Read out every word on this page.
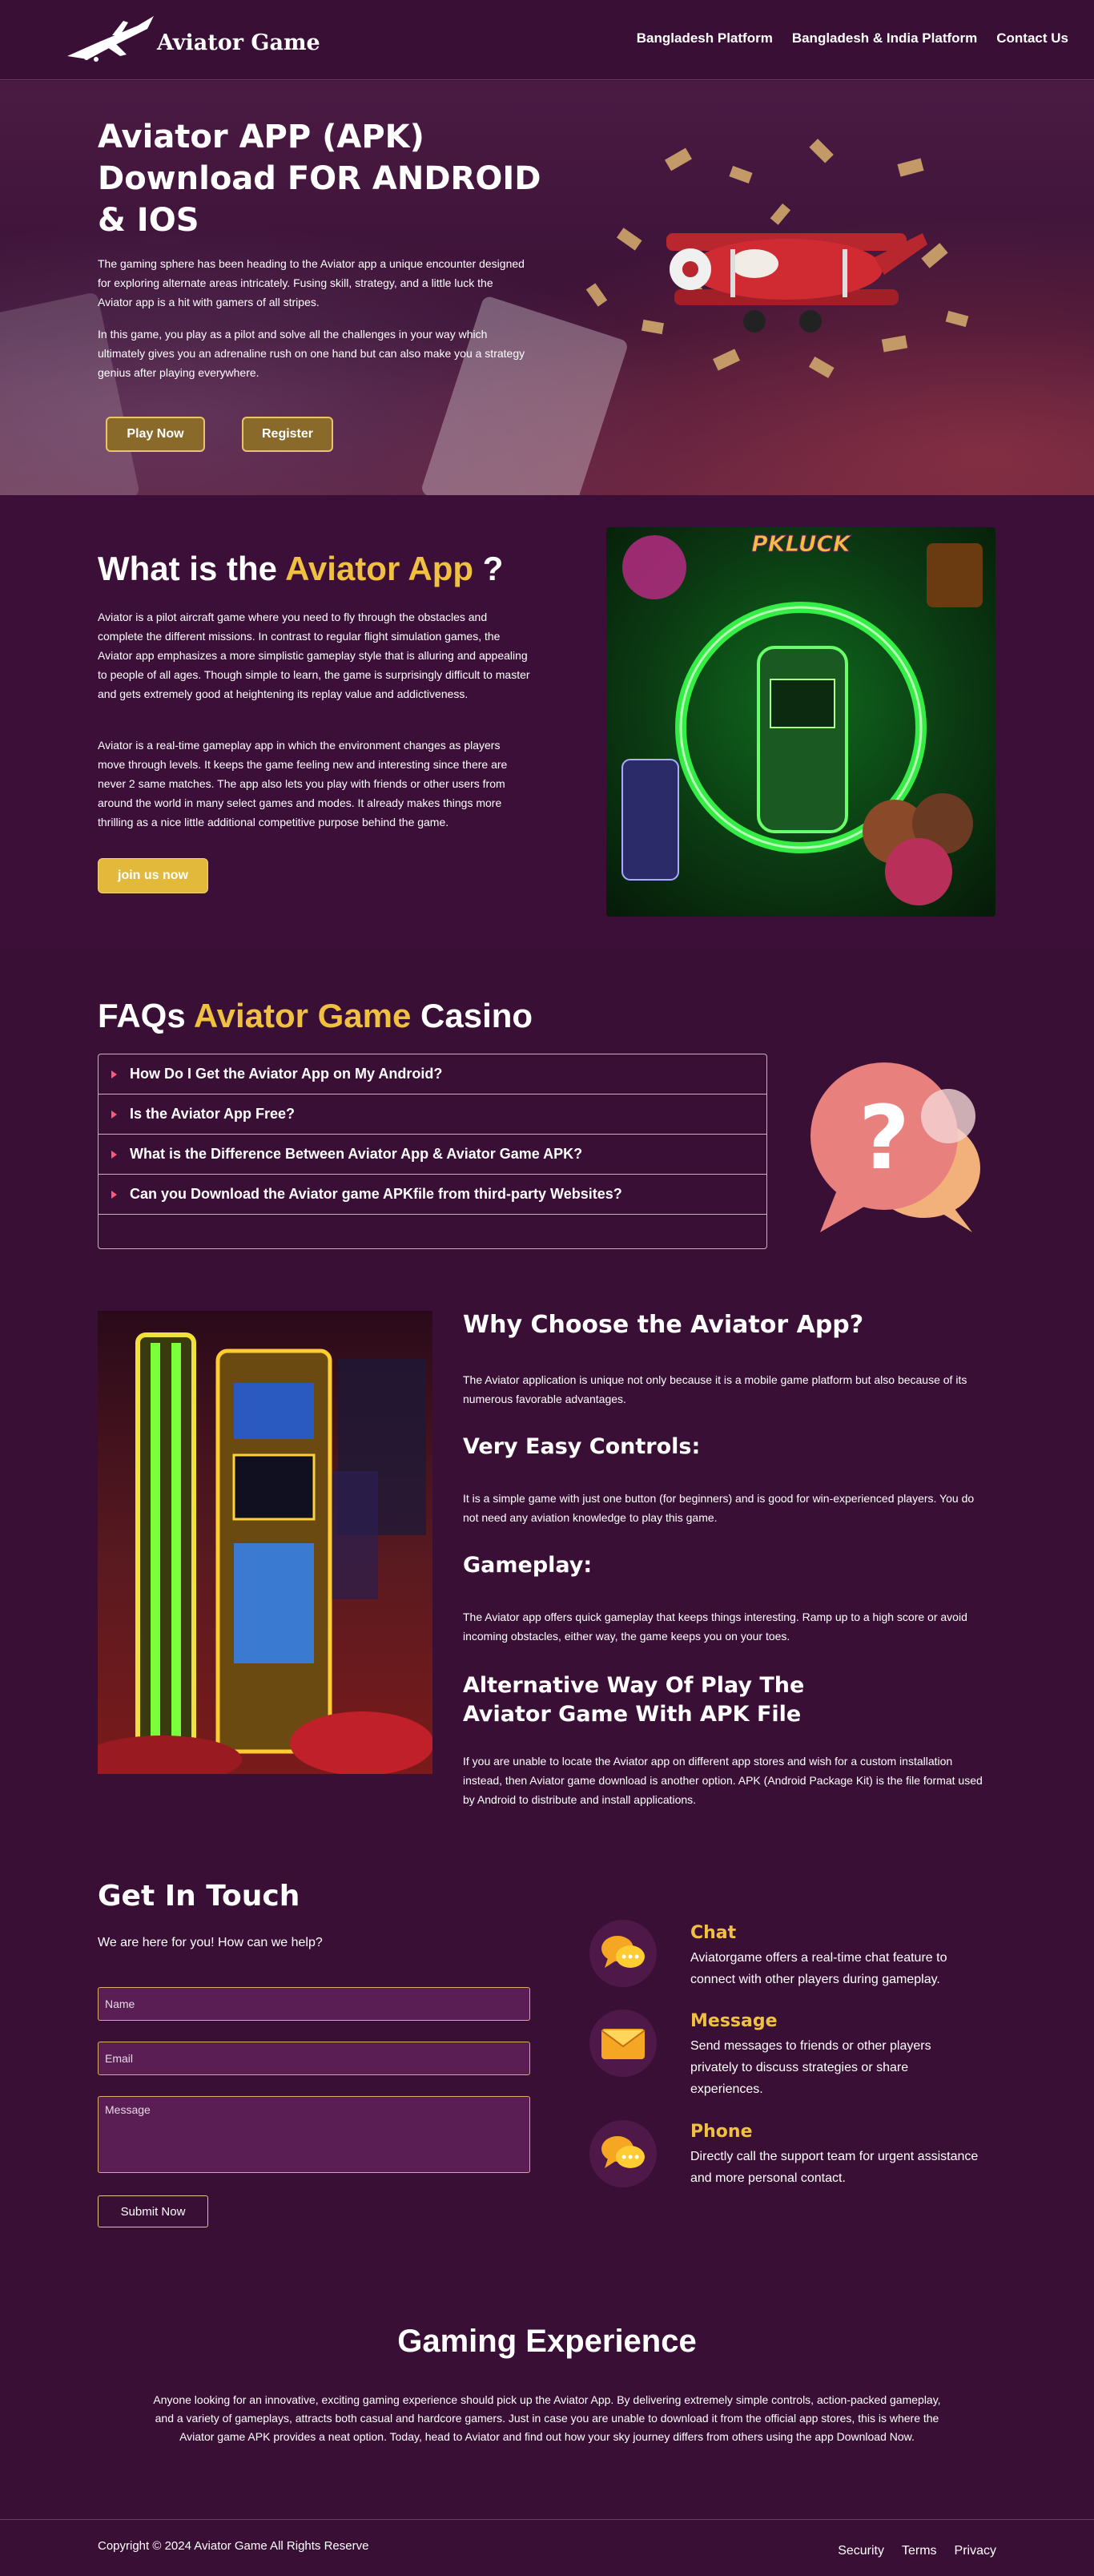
Aviator Game	Bangladesh Platform Bangladesh & India Platform Contact Us
Aviator APP (APK) Download FOR ANDROID & IOS

The gaming sphere has been heading to the Aviator app a unique encounter designed for exploring alternate areas intricately. Fusing skill, strategy, and a little luck the Aviator app is a hit with gamers of all stripes.

In this game, you play as a pilot and solve all the challenges in your way which ultimately gives you an adrenaline rush on one hand but can also make you a strategy genius after playing everywhere.

Play Now	Register
What is the Aviator App ?

Aviator is a pilot aircraft game where you need to fly through the obstacles and complete the different missions. In contrast to regular flight simulation games, the Aviator app emphasizes a more simplistic gameplay style that is alluring and appealing to people of all ages. Though simple to learn, the game is surprisingly difficult to master and gets extremely good at heightening its replay value and addictiveness.

Aviator is a real-time gameplay app in which the environment changes as players move through levels. It keeps the game feeling new and interesting since there are never 2 same matches. The app also lets you play with friends or other users from around the world in many select games and modes. It already makes things more thrilling as a nice little additional competitive purpose behind the game.

join us now
PKLUCK
FAQs Aviator Game Casino
How Do I Get the Aviator App on My Android?
Is the Aviator App Free?
What is the Difference Between Aviator App & Aviator Game APK?
Can you Download the Aviator game APKfile from third-party Websites?
?
Why Choose the Aviator App?

The Aviator application is unique not only because it is a mobile game platform but also because of its numerous favorable advantages.

Very Easy Controls:

It is a simple game with just one button (for beginners) and is good for win-experienced players. You do not need any aviation knowledge to play this game.

Gameplay:

The Aviator app offers quick gameplay that keeps things interesting. Ramp up to a high score or avoid incoming obstacles, either way, the game keeps you on your toes.

Alternative Way Of Play The Aviator Game With APK File

If you are unable to locate the Aviator app on different app stores and wish for a custom installation instead, then Aviator game download is another option. APK (Android Package Kit) is the file format used by Android to distribute and install applications.

Get In Touch
We are here for you! How can we help?
Name
Email
Message
Submit Now
Chat
Aviatorgame offers a real-time chat feature to connect with other players during gameplay.
Message
Send messages to friends or other players privately to discuss strategies or share experiences.
Phone
Directly call the support team for urgent assistance and more personal contact.
Gaming Experience

Anyone looking for an innovative, exciting gaming experience should pick up the Aviator App. By delivering extremely simple controls, action-packed gameplay, and a variety of gameplays, attracts both casual and hardcore gamers. Just in case you are unable to download it from the official app stores, this is where the Aviator game APK provides a neat option. Today, head to Aviator and find out how your sky journey differs from others using the app Download Now.

Copyright © 2024 Aviator Game All Rights Reserve	Security Terms Privacy
